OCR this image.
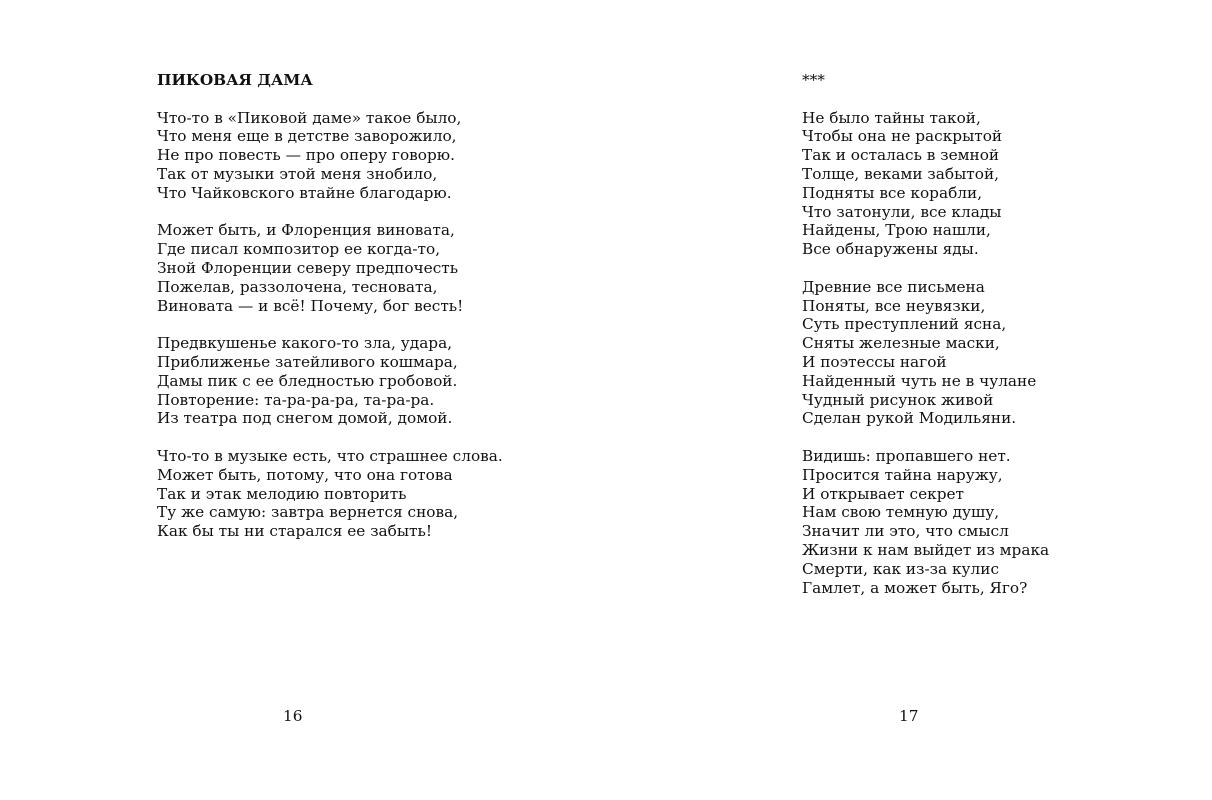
ПИКОВАЯ ДАМА

Что-то в «Пиковой даме» такое было,
Что меня еще в детстве заворожило,
Не про повесть — про оперу говорю.
Так от музыки этой меня знобило,
Что Чайковского втайне благодарю.
Может быть, и Флоренция виновата,
Где писал композитор ее когда-то,
Зной Флоренции северу предпочесть
Пожелав, раззолочена, тесновата,
Виновата — и всё! Почему, бог весть!
Предвкушенье какого-то зла, удара,
Приближенье затейливого кошмара,
Дамы пик с ее бледностью гробовой.
Повторение: та-ра-ра-ра, та-ра-ра.
Из театра под снегом домой, домой.
Что-то в музыке есть, что страшнее слова.
Может быть, потому, что она готова
Так и этак мелодию повторить
Ту же самую: завтра вернется снова,
Как бы ты ни старался ее забыть!
16

***

Не было тайны такой,
Чтобы она не раскрытой
Так и осталась в земной
Толще, веками забытой,
Подняты все корабли,
Что затонули, все клады
Найдены, Трою нашли,
Все обнаружены яды.
Древние все письмена
Поняты, все неувязки,
Суть преступлений ясна,
Сняты железные маски,
И поэтессы нагой
Найденный чуть не в чулане
Чудный рисунок живой
Сделан рукой Модильяни.
Видишь: пропавшего нет.
Просится тайна наружу,
И открывает секрет
Нам свою темную душу,
Значит ли это, что смысл
Жизни к нам выйдет из мрака
Смерти, как из-за кулис
Гамлет, а может быть, Яго?
17
